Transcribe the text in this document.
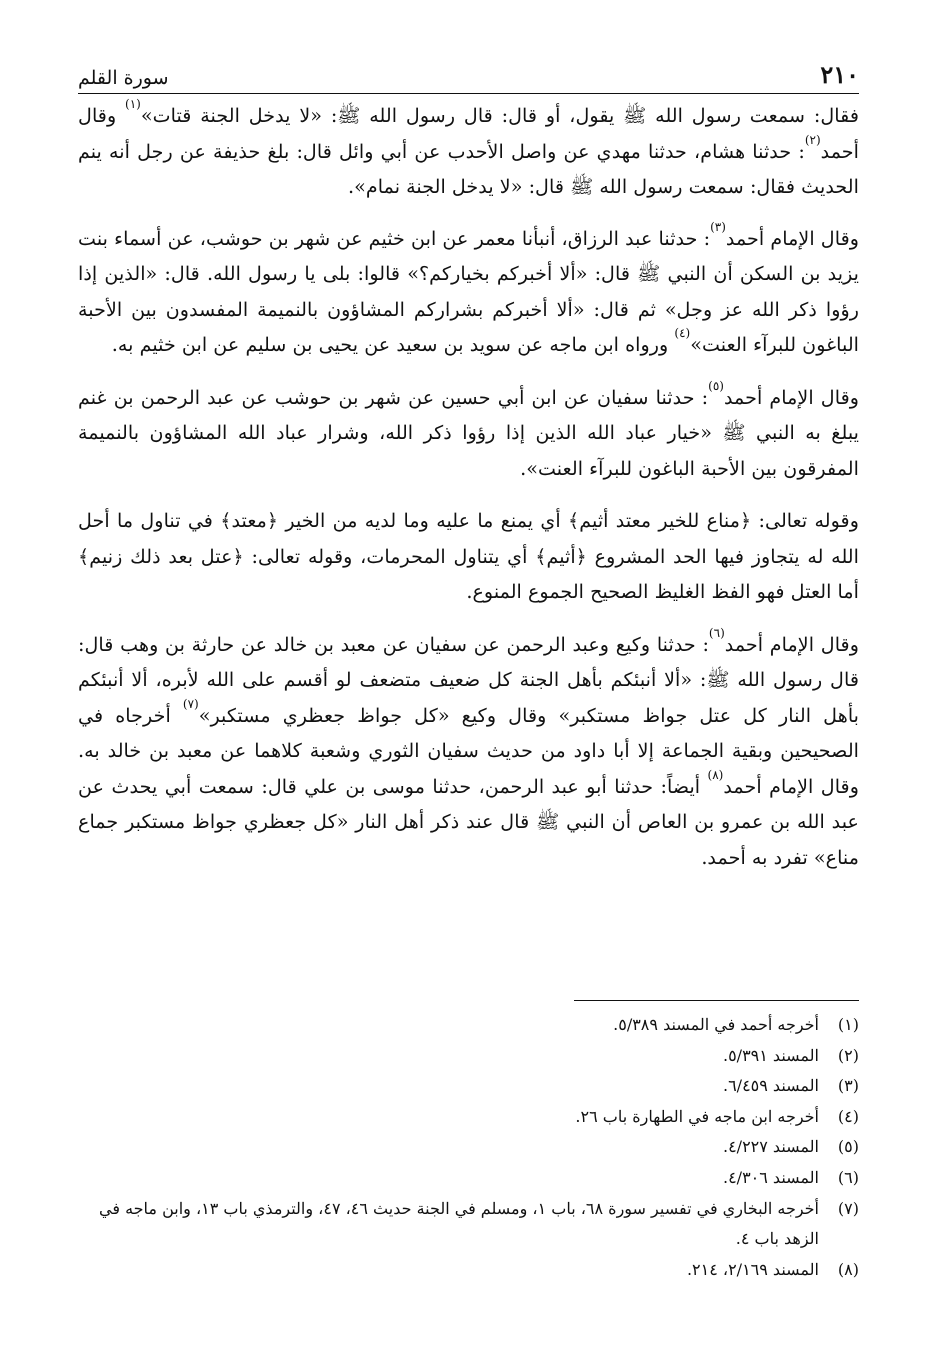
٢١٠
سورة القلم

فقال: سمعت رسول الله ﷺ يقول، أو قال: قال رسول الله ﷺ: «لا يدخل الجنة قتات»$^{(١)}$ وقال أحمد$^{(٢)}$: حدثنا هشام، حدثنا مهدي عن واصل الأحدب عن أبي وائل قال: بلغ حذيفة عن رجل أنه ينم الحديث فقال: سمعت رسول الله ﷺ قال: «لا يدخل الجنة نمام».

وقال الإمام أحمد$^{(٣)}$: حدثنا عبد الرزاق، أنبأنا معمر عن ابن خثيم عن شهر بن حوشب، عن أسماء بنت يزيد بن السكن أن النبي ﷺ قال: «ألا أخبركم بخياركم؟» قالوا: بلى يا رسول الله. قال: «الذين إذا رؤوا ذكر الله عز وجل» ثم قال: «ألا أخبركم بشراركم المشاؤون بالنميمة المفسدون بين الأحبة الباغون للبرآء العنت»$^{(٤)}$ ورواه ابن ماجه عن سويد بن سعيد عن يحيى بن سليم عن ابن خثيم به.

وقال الإمام أحمد$^{(٥)}$: حدثنا سفيان عن ابن أبي حسين عن شهر بن حوشب عن عبد الرحمن بن غنم يبلغ به النبي ﷺ «خيار عباد الله الذين إذا رؤوا ذكر الله، وشرار عباد الله المشاؤون بالنميمة المفرقون بين الأحبة الباغون للبرآء العنت».

وقوله تعالى: ﴿مناع للخير معتد أثيم﴾ أي يمنع ما عليه وما لديه من الخير ﴿معتد﴾ في تناول ما أحل الله له يتجاوز فيها الحد المشروع ﴿أثيم﴾ أي يتناول المحرمات، وقوله تعالى: ﴿عتل بعد ذلك زنيم﴾ أما العتل فهو الفظ الغليظ الصحيح الجموع المنوع.

وقال الإمام أحمد$^{(٦)}$: حدثنا وكيع وعبد الرحمن عن سفيان عن معبد بن خالد عن حارثة بن وهب قال: قال رسول الله ﷺ: «ألا أنبئكم بأهل الجنة كل ضعيف متضعف لو أقسم على الله لأبره، ألا أنبئكم بأهل النار كل عتل جواظ مستكبر» وقال وكيع «كل جواظ جعظري مستكبر»$^{(٧)}$ أخرجاه في الصحيحين وبقية الجماعة إلا أبا داود من حديث سفيان الثوري وشعبة كلاهما عن معبد بن خالد به. وقال الإمام أحمد$^{(٨)}$ أيضاً: حدثنا أبو عبد الرحمن، حدثنا موسى بن علي قال: سمعت أبي يحدث عن عبد الله بن عمرو بن العاص أن النبي ﷺ قال عند ذكر أهل النار «كل جعظري جواظ مستكبر جماع مناع» تفرد به أحمد.

(١)
أخرجه أحمد في المسند ٥/٣٨٩.
(٢)
المسند ٥/٣٩١.
(٣)
المسند ٦/٤٥٩.
(٤)
أخرجه ابن ماجه في الطهارة باب ٢٦.
(٥)
المسند ٤/٢٢٧.
(٦)
المسند ٤/٣٠٦.
(٧)
أخرجه البخاري في تفسير سورة ٦٨، باب ١، ومسلم في الجنة حديث ٤٦، ٤٧، والترمذي باب ١٣، وابن ماجه في الزهد باب ٤.
(٨)
المسند ٢/١٦٩، ٢١٤.
